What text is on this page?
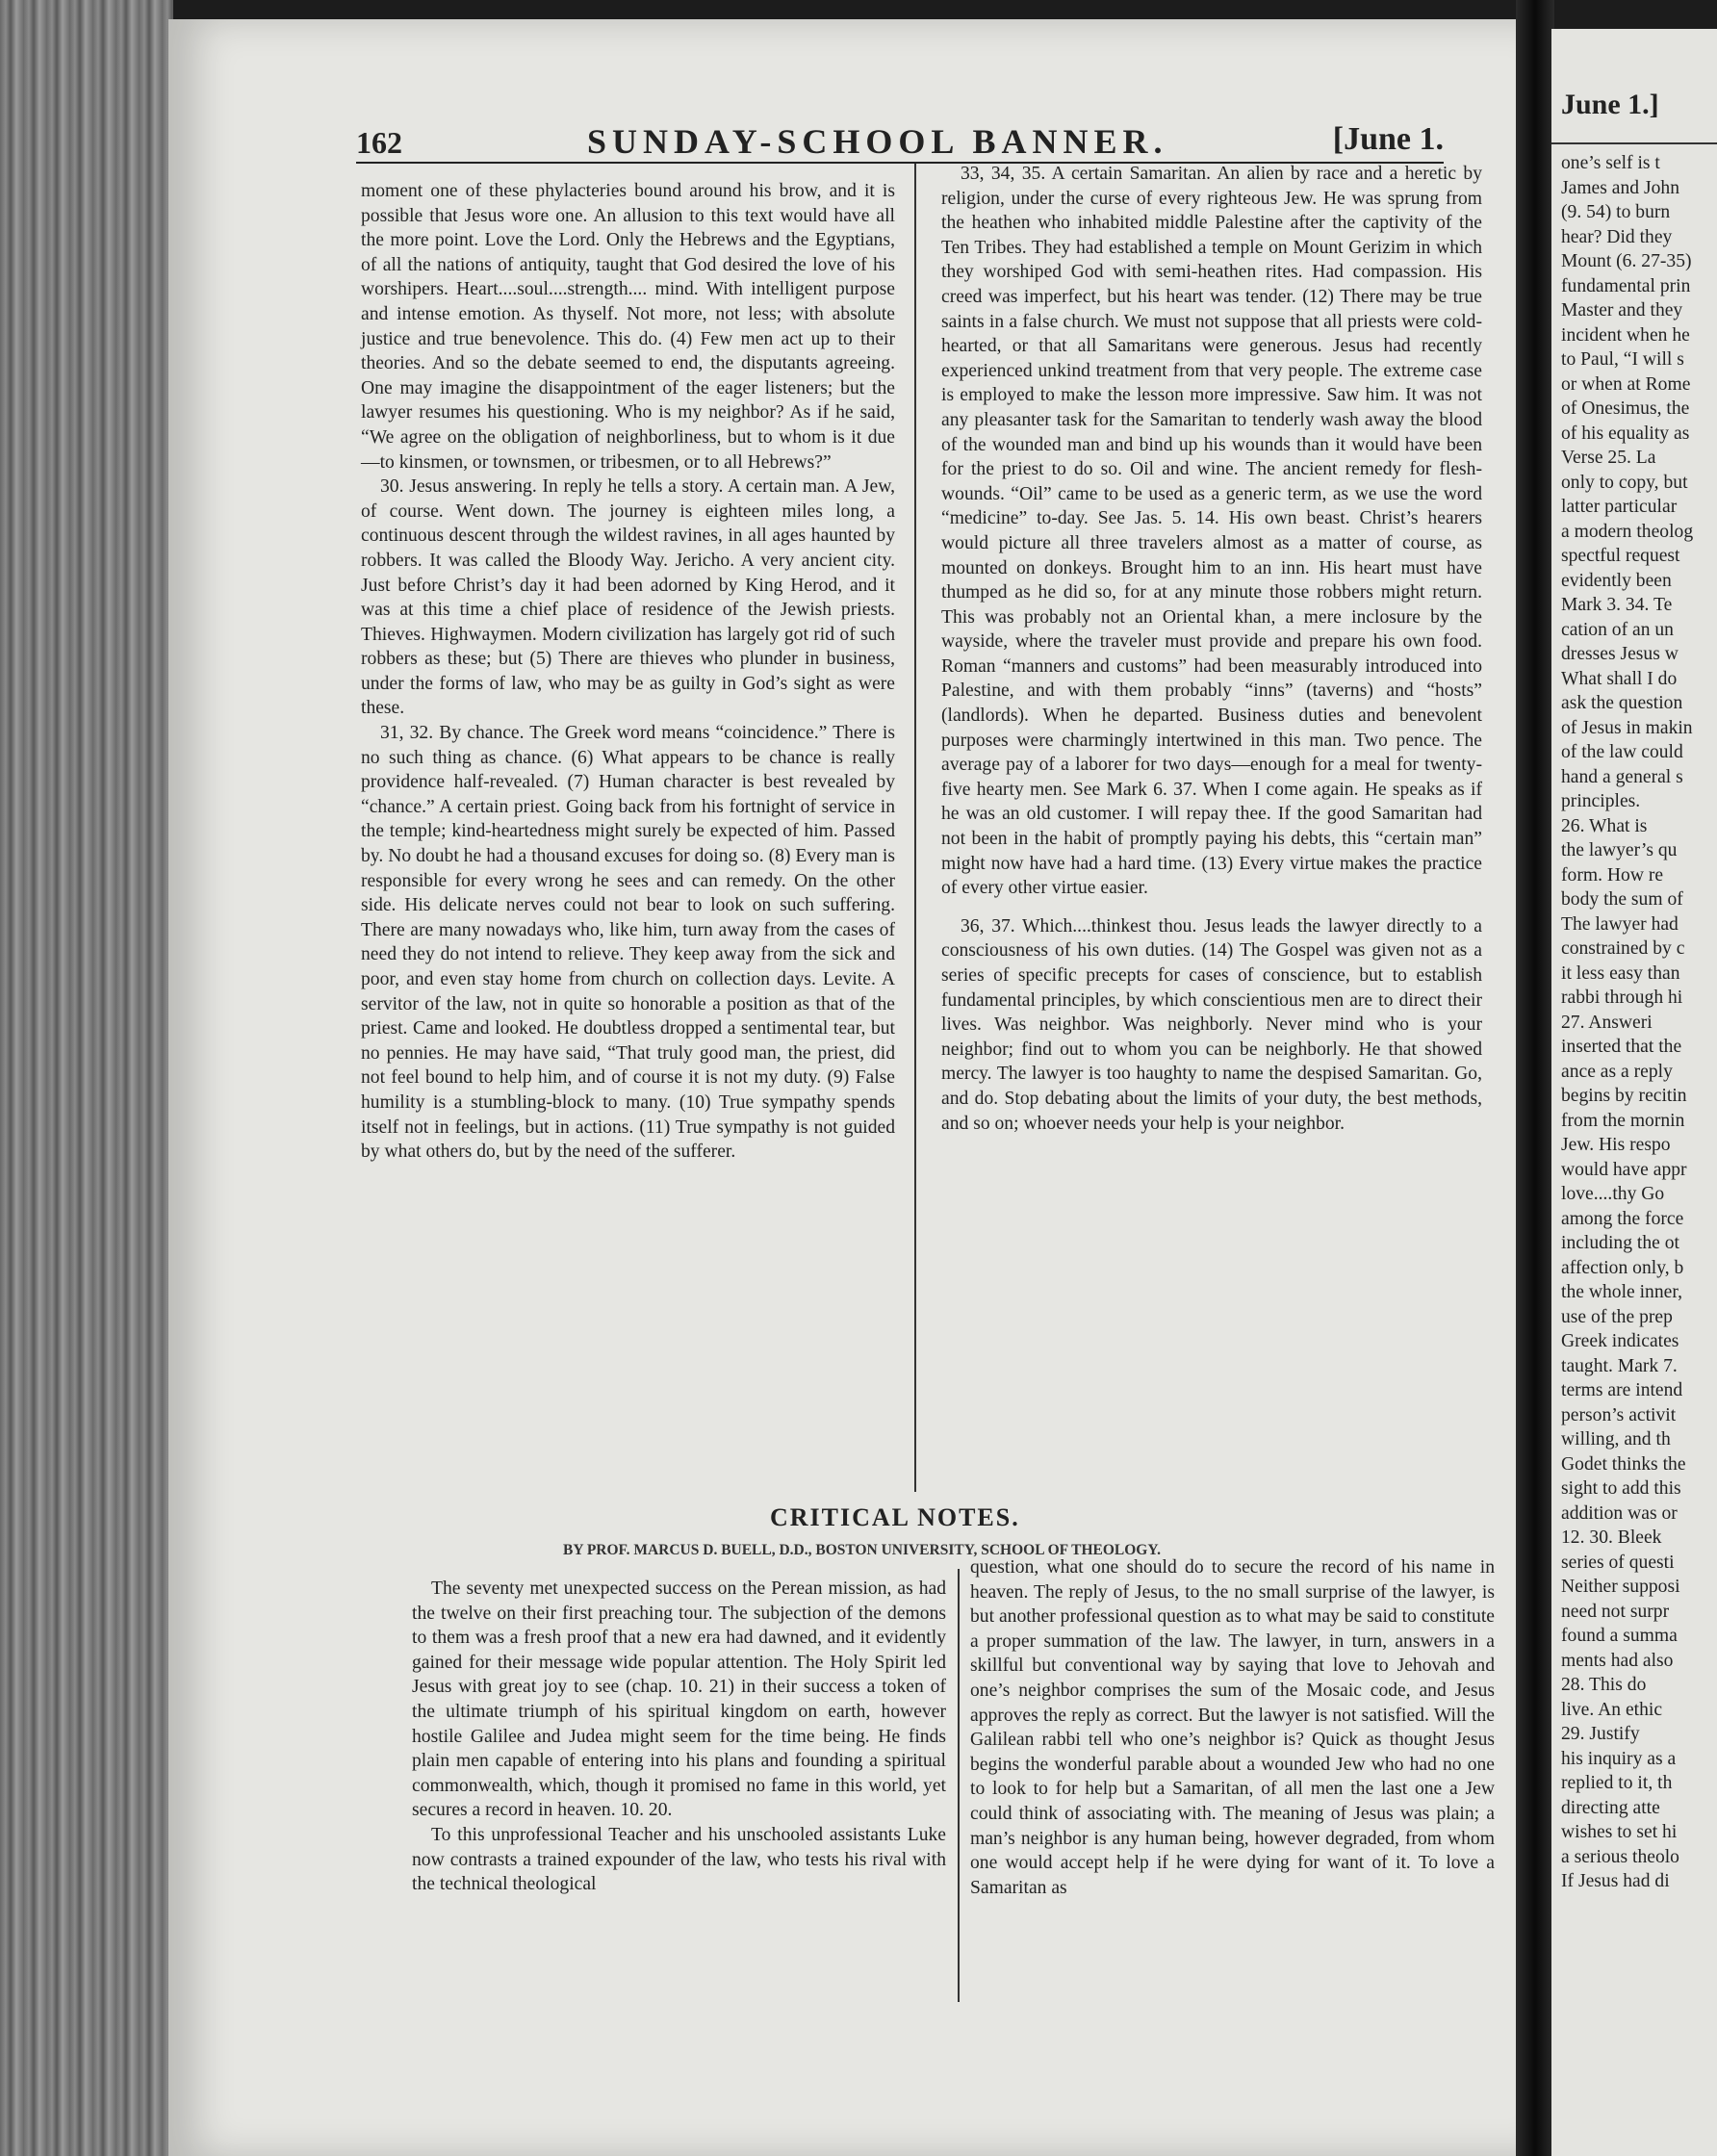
162	SUNDAY-SCHOOL BANNER.	[June 1.

moment one of these phylacteries bound around his brow, and it is possible that Jesus wore one. An allusion to this text would have all the more point. Love the Lord. Only the Hebrews and the Egyptians, of all the nations of antiquity, taught that God desired the love of his worshipers. Heart....soul....strength.... mind. With intelligent purpose and intense emotion. As thyself. Not more, not less; with absolute justice and true benevolence. This do. (4) Few men act up to their theories. And so the debate seemed to end, the disputants agreeing. One may imagine the disappointment of the eager listeners; but the lawyer resumes his questioning. Who is my neighbor? As if he said, “We agree on the obligation of neighborliness, but to whom is it due—to kinsmen, or townsmen, or tribesmen, or to all Hebrews?”

30. Jesus answering. In reply he tells a story. A certain man. A Jew, of course. Went down. The journey is eighteen miles long, a continuous descent through the wildest ravines, in all ages haunted by robbers. It was called the Bloody Way. Jericho. A very ancient city. Just before Christ’s day it had been adorned by King Herod, and it was at this time a chief place of residence of the Jewish priests. Thieves. Highwaymen. Modern civilization has largely got rid of such robbers as these; but (5) There are thieves who plunder in business, under the forms of law, who may be as guilty in God’s sight as were these.

31, 32. By chance. The Greek word means “coincidence.” There is no such thing as chance. (6) What appears to be chance is really providence half-revealed. (7) Human character is best revealed by “chance.” A certain priest. Going back from his fortnight of service in the temple; kind-heartedness might surely be expected of him. Passed by. No doubt he had a thousand excuses for doing so. (8) Every man is responsible for every wrong he sees and can remedy. On the other side. His delicate nerves could not bear to look on such suffering. There are many nowadays who, like him, turn away from the cases of need they do not intend to relieve. They keep away from the sick and poor, and even stay home from church on collection days. Levite. A servitor of the law, not in quite so honorable a position as that of the priest. Came and looked. He doubtless dropped a sentimental tear, but no pennies. He may have said, “That truly good man, the priest, did not feel bound to help him, and of course it is not my duty. (9) False humility is a stumbling-block to many. (10) True sympathy spends itself not in feelings, but in actions. (11) True sympathy is not guided by what others do, but by the need of the sufferer.

33, 34, 35. A certain Samaritan. An alien by race and a heretic by religion, under the curse of every righteous Jew. He was sprung from the heathen who inhabited middle Palestine after the captivity of the Ten Tribes. They had established a temple on Mount Gerizim in which they worshiped God with semi-heathen rites. Had compassion. His creed was imperfect, but his heart was tender. (12) There may be true saints in a false church. We must not suppose that all priests were cold-hearted, or that all Samaritans were generous. Jesus had recently experienced unkind treatment from that very people. The extreme case is employed to make the lesson more impressive. Saw him. It was not any pleasanter task for the Samaritan to tenderly wash away the blood of the wounded man and bind up his wounds than it would have been for the priest to do so. Oil and wine. The ancient remedy for flesh-wounds. “Oil” came to be used as a generic term, as we use the word “medicine” to-day. See Jas. 5. 14. His own beast. Christ’s hearers would picture all three travelers almost as a matter of course, as mounted on donkeys. Brought him to an inn. His heart must have thumped as he did so, for at any minute those robbers might return. This was probably not an Oriental khan, a mere inclosure by the wayside, where the traveler must provide and prepare his own food. Roman “manners and customs” had been measurably introduced into Palestine, and with them probably “inns” (taverns) and “hosts” (landlords). When he departed. Business duties and benevolent purposes were charmingly intertwined in this man. Two pence. The average pay of a laborer for two days—enough for a meal for twenty-five hearty men. See Mark 6. 37. When I come again. He speaks as if he was an old customer. I will repay thee. If the good Samaritan had not been in the habit of promptly paying his debts, this “certain man” might now have had a hard time. (13) Every virtue makes the practice of every other virtue easier.

36, 37. Which....thinkest thou. Jesus leads the lawyer directly to a consciousness of his own duties. (14) The Gospel was given not as a series of specific precepts for cases of conscience, but to establish fundamental principles, by which conscientious men are to direct their lives. Was neighbor. Was neighborly. Never mind who is your neighbor; find out to whom you can be neighborly. He that showed mercy. The lawyer is too haughty to name the despised Samaritan. Go, and do. Stop debating about the limits of your duty, the best methods, and so on; whoever needs your help is your neighbor.

CRITICAL NOTES.
BY PROF. MARCUS D. BUELL, D.D., BOSTON UNIVERSITY, SCHOOL OF THEOLOGY.

The seventy met unexpected success on the Perean mission, as had the twelve on their first preaching tour. The subjection of the demons to them was a fresh proof that a new era had dawned, and it evidently gained for their message wide popular attention. The Holy Spirit led Jesus with great joy to see (chap. 10. 21) in their success a token of the ultimate triumph of his spiritual kingdom on earth, however hostile Galilee and Judea might seem for the time being. He finds plain men capable of entering into his plans and founding a spiritual commonwealth, which, though it promised no fame in this world, yet secures a record in heaven. 10. 20.

To this unprofessional Teacher and his unschooled assistants Luke now contrasts a trained expounder of the law, who tests his rival with the technical theological

question, what one should do to secure the record of his name in heaven. The reply of Jesus, to the no small surprise of the lawyer, is but another professional question as to what may be said to constitute a proper summation of the law. The lawyer, in turn, answers in a skillful but conventional way by saying that love to Jehovah and one’s neighbor comprises the sum of the Mosaic code, and Jesus approves the reply as correct. But the lawyer is not satisfied. Will the Galilean rabbi tell who one’s neighbor is? Quick as thought Jesus begins the wonderful parable about a wounded Jew who had no one to look to for help but a Samaritan, of all men the last one a Jew could think of associating with. The meaning of Jesus was plain; a man’s neighbor is any human being, however degraded, from whom one would accept help if he were dying for want of it. To love a Samaritan as

June 1.]
one’s self is t
James and John
(9. 54) to burn
hear? Did they
Mount (6. 27-35)
fundamental prin
Master and they
incident when he
to Paul, “I will s
or when at Rome
of Onesimus, the
of his equality as
Verse 25. La
only to copy, but
latter particular
a modern theolog
spectful request
evidently been
Mark 3. 34. Te
cation of an un
dresses Jesus w
What shall I do
ask the question
of Jesus in makin
of the law could
hand a general s
principles.
26. What is
the lawyer’s qu
form. How re
body the sum of
The lawyer had
constrained by c
it less easy than
rabbi through hi
27. Answeri
inserted that the
ance as a reply
begins by recitin
from the mornin
Jew. His respo
would have appr
love....thy Go
among the force
including the ot
affection only, b
the whole inner,
use of the prep
Greek indicates
taught. Mark 7.
terms are intend
person’s activit
willing, and th
Godet thinks the
sight to add this
addition was or
12. 30. Bleek
series of questi
Neither supposi
need not surpr
found a summa
ments had also
28. This do
live. An ethic
29. Justify
his inquiry as a
replied to it, th
directing atte
wishes to set hi
a serious theolo
If Jesus had di
